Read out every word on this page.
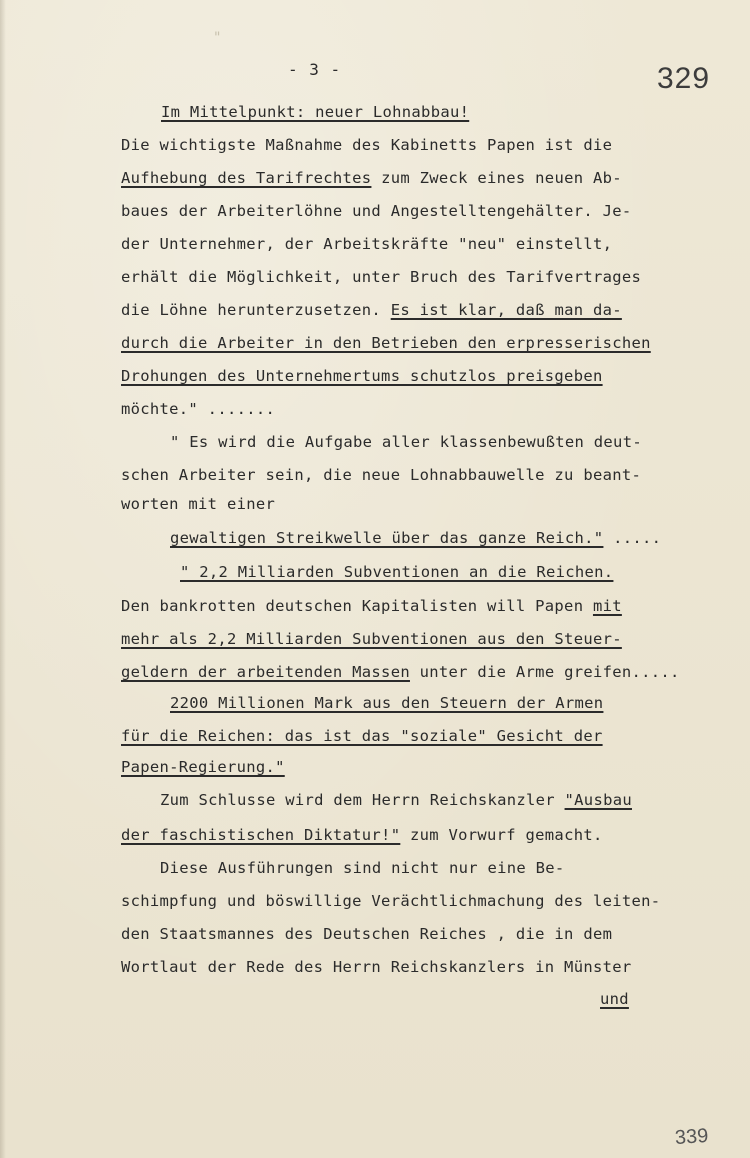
"
- 3 -	329
Im Mittelpunkt: neuer Lohnabbau!
Die wichtigste Maßnahme des Kabinetts Papen ist die
Aufhebung des Tarifrechtes zum Zweck eines neuen Ab-
baues der Arbeiterlöhne und Angestelltengehälter. Je-
der Unternehmer, der Arbeitskräfte "neu" einstellt,
erhält die Möglichkeit, unter Bruch des Tarifvertrages
die Löhne herunterzusetzen. Es ist klar, daß man da-
durch die Arbeiter in den Betrieben den erpresserischen
Drohungen des Unternehmertums schutzlos preisgeben
möchte." .......
" Es wird die Aufgabe aller klassenbewußten deut-
schen Arbeiter sein, die neue Lohnabbauwelle zu beant-
worten mit einer
gewaltigen Streikwelle über das ganze Reich." .....
" 2,2 Milliarden Subventionen an die Reichen.
Den bankrotten deutschen Kapitalisten will Papen mit
mehr als 2,2 Milliarden Subventionen aus den Steuer-
geldern der arbeitenden Massen unter die Arme greifen.....
2200 Millionen Mark aus den Steuern der Armen
für die Reichen: das ist das "soziale" Gesicht der
Papen-Regierung."
Zum Schlusse wird dem Herrn Reichskanzler "Ausbau
der faschistischen Diktatur!" zum Vorwurf gemacht.
Diese Ausführungen sind nicht nur eine Be-
schimpfung und böswillige Verächtlichmachung des leiten-
den Staatsmannes des Deutschen Reiches , die in dem
Wortlaut der Rede des Herrn Reichskanzlers in Münster
und
339
